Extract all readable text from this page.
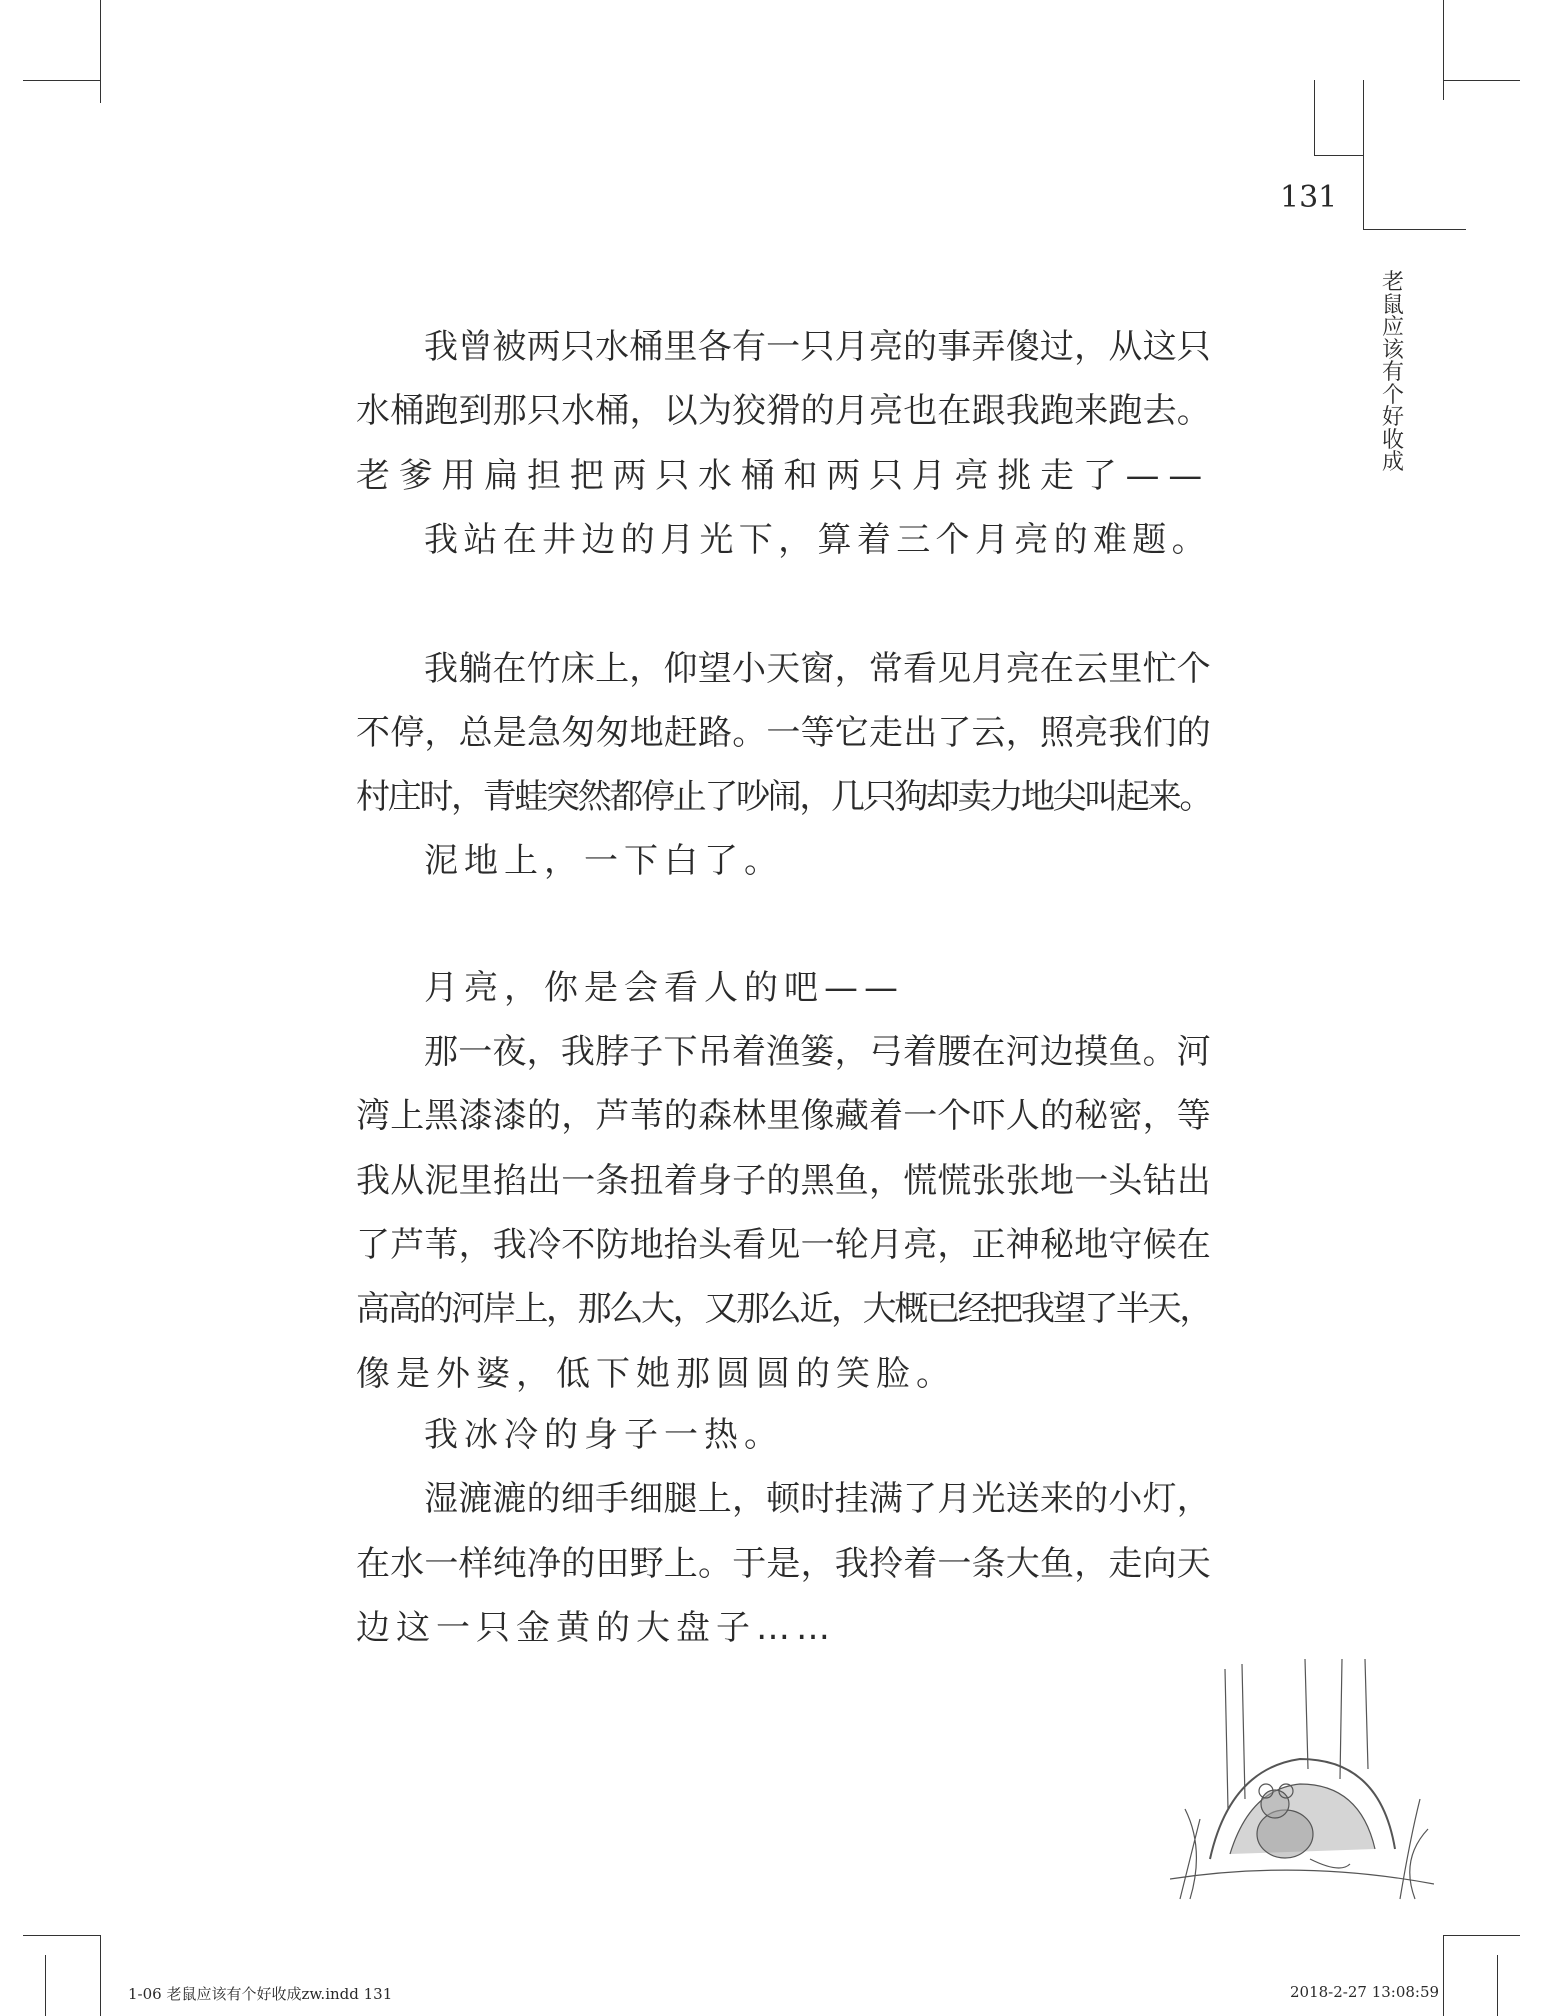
131
老
鼠
应
该
有
个
好
收
成
我曾被两只水桶里各有一只月亮的事弄傻过，从这只
水桶跑到那只水桶，以为狡猾的月亮也在跟我跑来跑去。
老爹用扁担把两只水桶和两只月亮挑走了——
我站在井边的月光下，算着三个月亮的难题。
我躺在竹床上，仰望小天窗，常看见月亮在云里忙个
不停，总是急匆匆地赶路。一等它走出了云，照亮我们的
村庄时，青蛙突然都停止了吵闹，几只狗却卖力地尖叫起来。
泥地上，一下白了。
月亮，你是会看人的吧——
那一夜，我脖子下吊着渔篓，弓着腰在河边摸鱼。河
湾上黑漆漆的，芦苇的森林里像藏着一个吓人的秘密，等
我从泥里掐出一条扭着身子的黑鱼，慌慌张张地一头钻出
了芦苇，我冷不防地抬头看见一轮月亮，正神秘地守候在
高高的河岸上，那么大，又那么近，大概已经把我望了半天，
像是外婆，低下她那圆圆的笑脸。
我冰冷的身子一热。
湿漉漉的细手细腿上，顿时挂满了月光送来的小灯，
在水一样纯净的田野上。于是，我拎着一条大鱼，走向天
边这一只金黄的大盘子……
1-06 老鼠应该有个好收成zw.indd 131	2018-2-27 13:08:59
